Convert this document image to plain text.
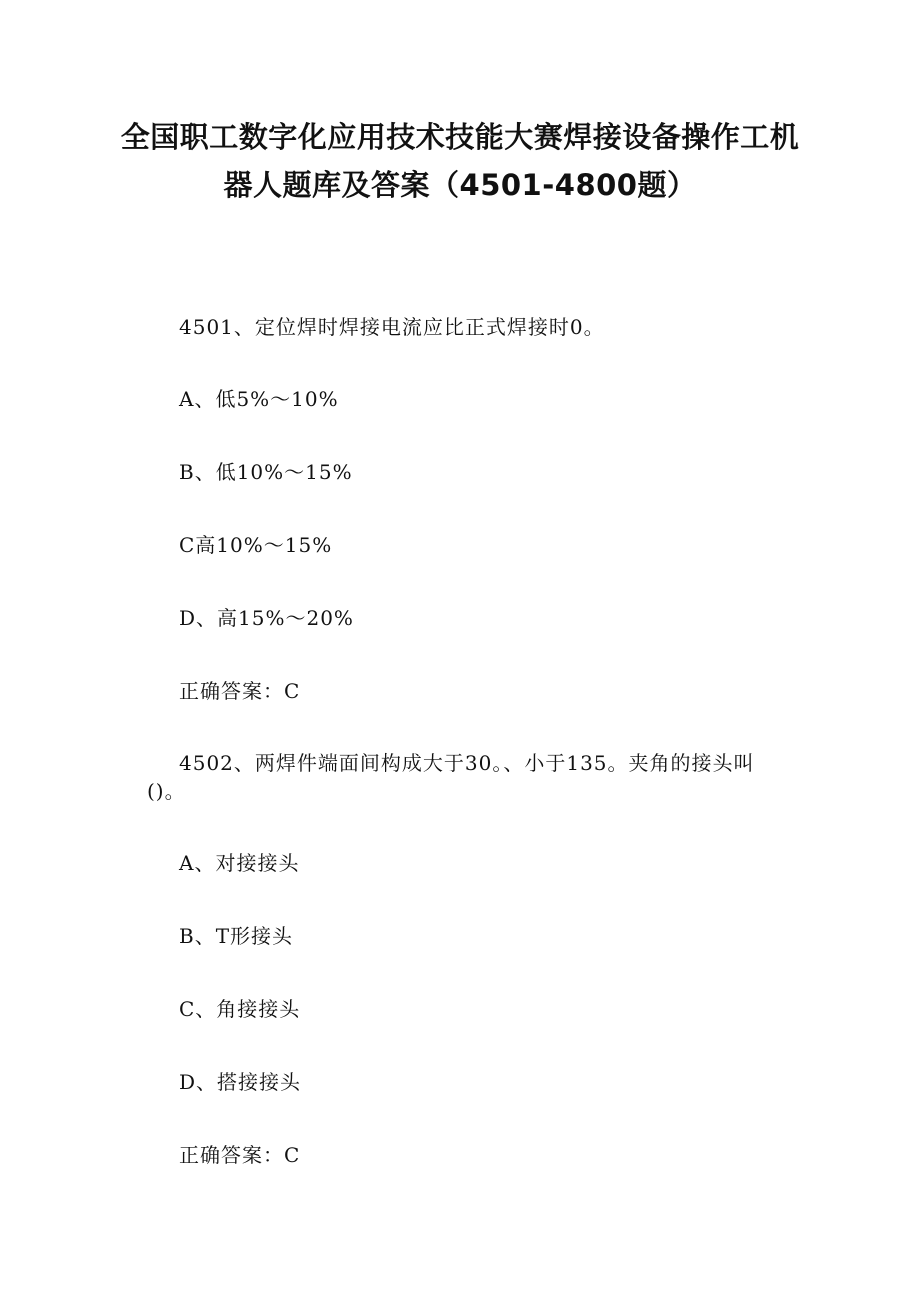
全国职工数字化应用技术技能大赛焊接设备操作工机
器人题库及答案（4501-4800题）
4501、定位焊时焊接电流应比正式焊接时0。
A、低5%～10%
B、低10%～15%
C高10%～15%
D、高15%～20%
正确答案：C
4502、两焊件端面间构成大于30。、小于135。夹角的接头叫
()。
A、对接接头
B、T形接头
C、角接接头
D、搭接接头
正确答案：C
